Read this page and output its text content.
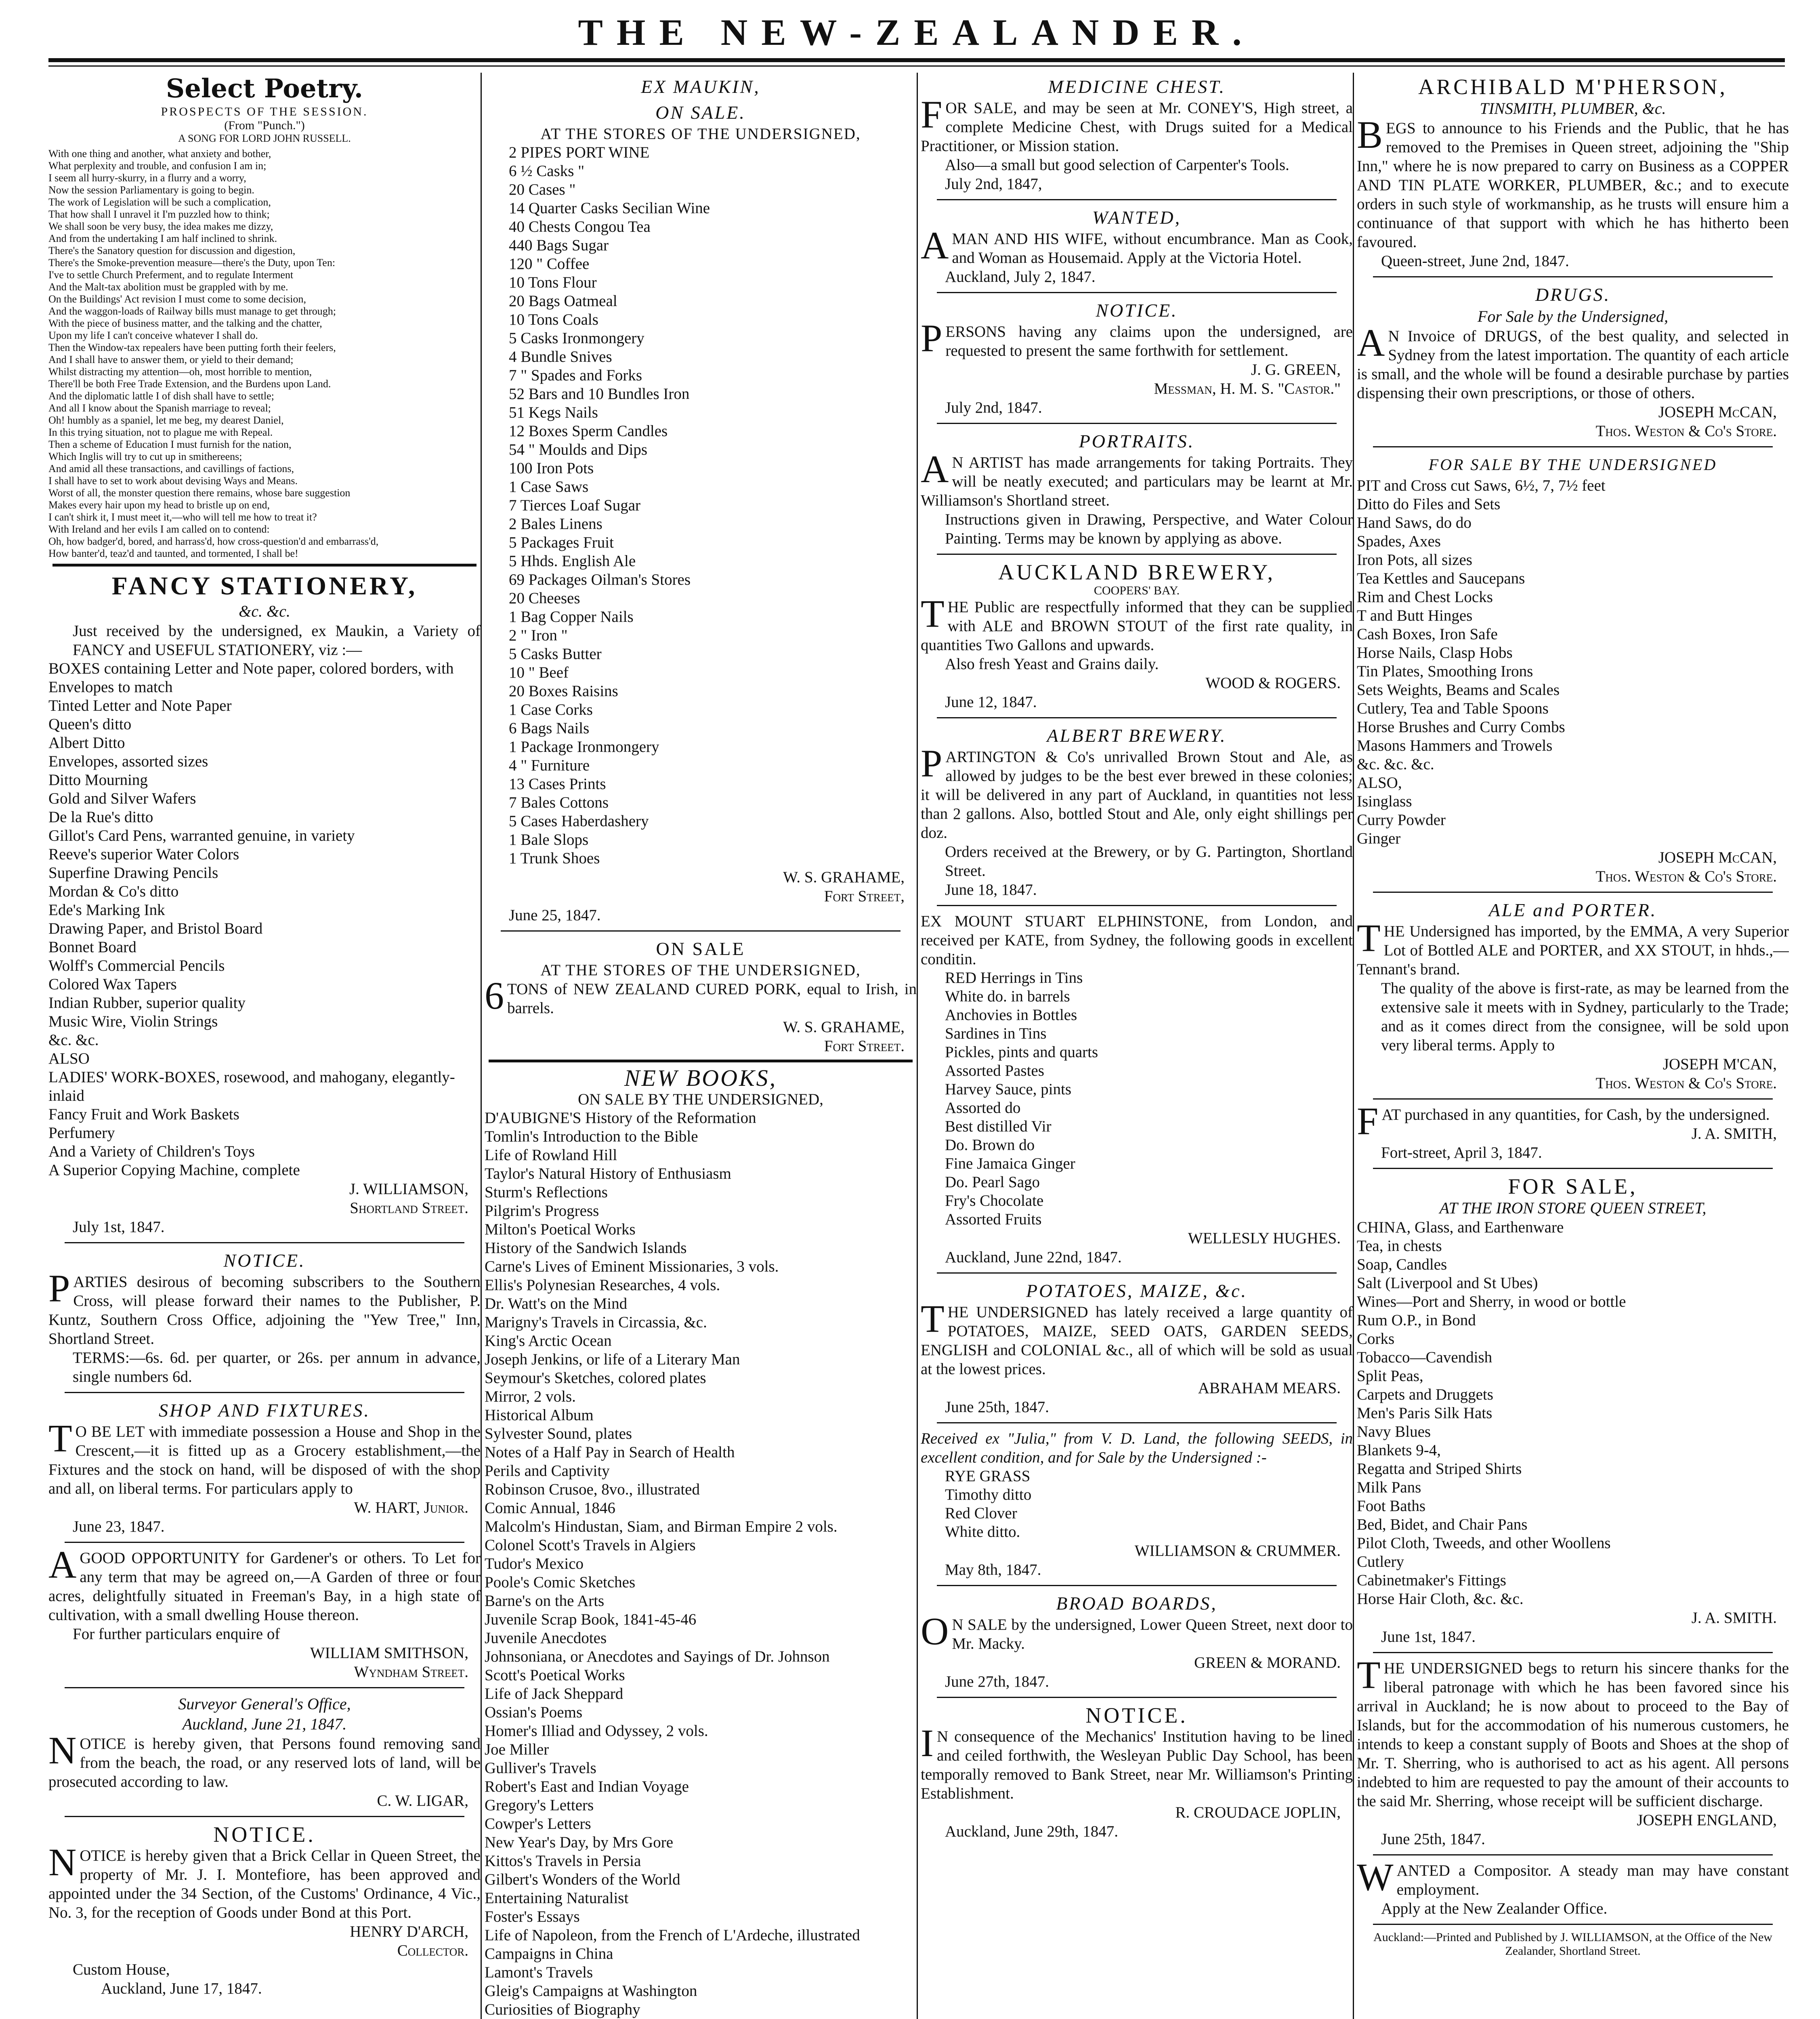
THE NEW-ZEALANDER.
Select Poetry.
PROSPECTS OF THE SESSION.
(From "Punch.")
A SONG FOR LORD JOHN RUSSELL.

With one thing and another, what anxiety and bother,

What perplexity and trouble, and confusion I am in;

I seem all hurry-skurry, in a flurry and a worry,

Now the session Parliamentary is going to begin.

The work of Legislation will be such a complication,

That how shall I unravel it I'm puzzled how to think;

We shall soon be very busy, the idea makes me dizzy,

And from the undertaking I am half inclined to shrink.

There's the Sanatory question for discussion and digestion,

There's the Smoke-prevention measure—there's the Duty, upon Ten:

I've to settle Church Preferment, and to regulate Interment

And the Malt-tax abolition must be grappled with by me.

On the Buildings' Act revision I must come to some decision,

And the waggon-loads of Railway bills must manage to get through;

With the piece of business matter, and the talking and the chatter,

Upon my life I can't conceive whatever I shall do.

Then the Window-tax repealers have been putting forth their feelers,

And I shall have to answer them, or yield to their demand;

Whilst distracting my attention—oh, most horrible to mention,

There'll be both Free Trade Extension, and the Burdens upon Land.

And the diplomatic lattle I of dish shall have to settle;

And all I know about the Spanish marriage to reveal;

Oh! humbly as a spaniel, let me beg, my dearest Daniel,

In this trying situation, not to plague me with Repeal.

Then a scheme of Education I must furnish for the nation,

Which Inglis will try to cut up in smithereens;

And amid all these transactions, and cavillings of factions,

I shall have to set to work about devising Ways and Means.

Worst of all, the monster question there remains, whose bare suggestion

Makes every hair upon my head to bristle up on end,

I can't shirk it, I must meet it,—who will tell me how to treat it?

With Ireland and her evils I am called on to contend:

Oh, how badger'd, bored, and harrass'd, how cross-question'd and embarrass'd,

How banter'd, teaz'd and taunted, and tormented, I shall be!

FANCY STATIONERY,
&c. &c.

Just received by the undersigned, ex Maukin, a Variety of FANCY and USEFUL STATIONERY, viz :—

BOXES containing Letter and Note paper, colored borders, with Envelopes to match

Tinted Letter and Note Paper

Queen's ditto

Albert Ditto

Envelopes, assorted sizes

Ditto Mourning

Gold and Silver Wafers

De la Rue's ditto

Gillot's Card Pens, warranted genuine, in variety

Reeve's superior Water Colors

Superfine Drawing Pencils

Mordan & Co's ditto

Ede's Marking Ink

Drawing Paper, and Bristol Board

Bonnet Board

Wolff's Commercial Pencils

Colored Wax Tapers

Indian Rubber, superior quality

Music Wire, Violin Strings

&c. &c.

ALSO

LADIES' WORK-BOXES, rosewood, and mahogany, elegantly-inlaid

Fancy Fruit and Work Baskets

Perfumery

And a Variety of Children's Toys

A Superior Copying Machine, complete

J. WILLIAMSON,
Shortland Street.
July 1st, 1847.
NOTICE.

PARTIES desirous of becoming subscribers to the Southern Cross, will please forward their names to the Publisher, P. Kuntz, Southern Cross Office, adjoining the "Yew Tree," Inn, Shortland Street.

TERMS:—6s. 6d. per quarter, or 26s. per annum in advance, single numbers 6d.

SHOP AND FIXTURES.

TO BE LET with immediate possession a House and Shop in the Crescent,—it is fitted up as a Grocery establishment,—the Fixtures and the stock on hand, will be disposed of with the shop and all, on liberal terms. For particulars apply to

W. HART, Junior.
June 23, 1847.

AGOOD OPPORTUNITY for Gardener's or others. To Let for any term that may be agreed on,—A Garden of three or four acres, delightfully situated in Freeman's Bay, in a high state of cultivation, with a small dwelling House thereon.

For further particulars enquire of

WILLIAM SMITHSON,
Wyndham Street.
Surveyor General's Office,
Auckland, June 21, 1847.

NOTICE is hereby given, that Persons found removing sand from the beach, the road, or any reserved lots of land, will be prosecuted according to law.

C. W. LIGAR,
NOTICE.

NOTICE is hereby given that a Brick Cellar in Queen Street, the property of Mr. J. I. Montefiore, has been approved and appointed under the 34 Section, of the Customs' Ordinance, 4 Vic., No. 3, for the reception of Goods under Bond at this Port.

HENRY D'ARCH,
Collector.
Custom House,
Auckland, June 17, 1847.
EX MAUKIN,
ON SALE.
AT THE STORES OF THE UNDERSIGNED,

2 PIPES PORT WINE

6 ½ Casks "

20 Cases "

14 Quarter Casks Secilian Wine

40 Chests Congou Tea

440 Bags Sugar

120 " Coffee

10 Tons Flour

20 Bags Oatmeal

10 Tons Coals

5 Casks Ironmongery

4 Bundle Snives

7 " Spades and Forks

52 Bars and 10 Bundles Iron

51 Kegs Nails

12 Boxes Sperm Candles

54 " Moulds and Dips

100 Iron Pots

1 Case Saws

7 Tierces Loaf Sugar

2 Bales Linens

5 Packages Fruit

5 Hhds. English Ale

69 Packages Oilman's Stores

20 Cheeses

1 Bag Copper Nails

2 " Iron "

5 Casks Butter

10 " Beef

20 Boxes Raisins

1 Case Corks

6 Bags Nails

1 Package Ironmongery

4 " Furniture

13 Cases Prints

7 Bales Cottons

5 Cases Haberdashery

1 Bale Slops

1 Trunk Shoes

W. S. GRAHAME,
Fort Street,
June 25, 1847.
ON SALE
AT THE STORES OF THE UNDERSIGNED,

6TONS of NEW ZEALAND CURED PORK, equal to Irish, in barrels.

W. S. GRAHAME,
Fort Street.
NEW BOOKS,
ON SALE BY THE UNDERSIGNED,

D'AUBIGNE'S History of the Reformation

Tomlin's Introduction to the Bible

Life of Rowland Hill

Taylor's Natural History of Enthusiasm

Sturm's Reflections

Pilgrim's Progress

Milton's Poetical Works

History of the Sandwich Islands

Carne's Lives of Eminent Missionaries, 3 vols.

Ellis's Polynesian Researches, 4 vols.

Dr. Watt's on the Mind

Marigny's Travels in Circassia, &c.

King's Arctic Ocean

Joseph Jenkins, or life of a Literary Man

Seymour's Sketches, colored plates

Mirror, 2 vols.

Historical Album

Sylvester Sound, plates

Notes of a Half Pay in Search of Health

Perils and Captivity

Robinson Crusoe, 8vo., illustrated

Comic Annual, 1846

Malcolm's Hindustan, Siam, and Birman Empire 2 vols.

Colonel Scott's Travels in Algiers

Tudor's Mexico

Poole's Comic Sketches

Barne's on the Arts

Juvenile Scrap Book, 1841-45-46

Juvenile Anecdotes

Johnsoniana, or Anecdotes and Sayings of Dr. Johnson

Scott's Poetical Works

Life of Jack Sheppard

Ossian's Poems

Homer's Illiad and Odyssey, 2 vols.

Joe Miller

Gulliver's Travels

Robert's East and Indian Voyage

Gregory's Letters

Cowper's Letters

New Year's Day, by Mrs Gore

Kittos's Travels in Persia

Gilbert's Wonders of the World

Entertaining Naturalist

Foster's Essays

Life of Napoleon, from the French of L'Ardeche, illustrated

Campaigns in China

Lamont's Travels

Gleig's Campaigns at Washington

Curiosities of Biography

MEDICINE CHEST.

FOR SALE, and may be seen at Mr. CONEY'S, High street, a complete Medicine Chest, with Drugs suited for a Medical Practitioner, or Mission station.

Also—a small but good selection of Carpenter's Tools.

July 2nd, 1847,
WANTED,

AMAN AND HIS WIFE, without encumbrance. Man as Cook, and Woman as Housemaid. Apply at the Victoria Hotel.

Auckland, July 2, 1847.
NOTICE.

PERSONS having any claims upon the undersigned, are requested to present the same forthwith for settlement.

J. G. GREEN,
Messman, H. M. S. "Castor."
July 2nd, 1847.
PORTRAITS.

AN ARTIST has made arrangements for taking Portraits. They will be neatly executed; and particulars may be learnt at Mr. Williamson's Shortland street.

Instructions given in Drawing, Perspective, and Water Colour Painting. Terms may be known by applying as above.

AUCKLAND BREWERY,
COOPERS' BAY.

THE Public are respectfully informed that they can be supplied with ALE and BROWN STOUT of the first rate quality, in quantities Two Gallons and upwards.

Also fresh Yeast and Grains daily.

WOOD & ROGERS.
June 12, 1847.
ALBERT BREWERY.

PARTINGTON & Co's unrivalled Brown Stout and Ale, as allowed by judges to be the best ever brewed in these colonies; it will be delivered in any part of Auckland, in quantities not less than 2 gallons. Also, bottled Stout and Ale, only eight shillings per doz.

Orders received at the Brewery, or by G. Partington, Shortland Street.

June 18, 1847.

EX MOUNT STUART ELPHINSTONE, from London, and received per KATE, from Sydney, the following goods in excellent conditin.

RED Herrings in Tins

White do. in barrels

Anchovies in Bottles

Sardines in Tins

Pickles, pints and quarts

Assorted Pastes

Harvey Sauce, pints

Assorted do

Best distilled Vir

Do. Brown do

Fine Jamaica Ginger

Do. Pearl Sago

Fry's Chocolate

Assorted Fruits

WELLESLY HUGHES.
Auckland, June 22nd, 1847.
POTATOES, MAIZE, &c.

THE UNDERSIGNED has lately received a large quantity of POTATOES, MAIZE, SEED OATS, GARDEN SEEDS, ENGLISH and COLONIAL &c., all of which will be sold as usual at the lowest prices.

ABRAHAM MEARS.
June 25th, 1847.

Received ex "Julia," from V. D. Land, the following SEEDS, in excellent condition, and for Sale by the Undersigned :-

RYE GRASS

Timothy ditto

Red Clover

White ditto.

WILLIAMSON & CRUMMER.
May 8th, 1847.
BROAD BOARDS,

ON SALE by the undersigned, Lower Queen Street, next door to Mr. Macky.

GREEN & MORAND.
June 27th, 1847.
NOTICE.

IN consequence of the Mechanics' Institution having to be lined and ceiled forthwith, the Wesleyan Public Day School, has been temporally removed to Bank Street, near Mr. Williamson's Printing Establishment.

R. CROUDACE JOPLIN,
Auckland, June 29th, 1847.
ARCHIBALD M'PHERSON,
TINSMITH, PLUMBER, &c.

BEGS to announce to his Friends and the Public, that he has removed to the Premises in Queen street, adjoining the "Ship Inn," where he is now prepared to carry on Business as a COPPER AND TIN PLATE WORKER, PLUMBER, &c.; and to execute orders in such style of workmanship, as he trusts will ensure him a continuance of that support with which he has hitherto been favoured.

Queen-street, June 2nd, 1847.
DRUGS.
For Sale by the Undersigned,

AN Invoice of DRUGS, of the best quality, and selected in Sydney from the latest importation. The quantity of each article is small, and the whole will be found a desirable purchase by parties dispensing their own prescriptions, or those of others.

JOSEPH McCAN,
Thos. Weston & Co's Store.
FOR SALE BY THE UNDERSIGNED

PIT and Cross cut Saws, 6½, 7, 7½ feet

Ditto do Files and Sets

Hand Saws, do do

Spades, Axes

Iron Pots, all sizes

Tea Kettles and Saucepans

Rim and Chest Locks

T and Butt Hinges

Cash Boxes, Iron Safe

Horse Nails, Clasp Hobs

Tin Plates, Smoothing Irons

Sets Weights, Beams and Scales

Cutlery, Tea and Table Spoons

Horse Brushes and Curry Combs

Masons Hammers and Trowels

&c. &c. &c.

ALSO,

Isinglass

Curry Powder

Ginger

JOSEPH McCAN,
Thos. Weston & Co's Store.
ALE and PORTER.

THE Undersigned has imported, by the EMMA, A very Superior Lot of Bottled ALE and PORTER, and XX STOUT, in hhds.,—Tennant's brand.

The quality of the above is first-rate, as may be learned from the extensive sale it meets with in Sydney, particularly to the Trade; and as it comes direct from the consignee, will be sold upon very liberal terms. Apply to

JOSEPH M'CAN,
Thos. Weston & Co's Store.

FAT purchased in any quantities, for Cash, by the undersigned.

J. A. SMITH,
Fort-street, April 3, 1847.
FOR SALE,
AT THE IRON STORE QUEEN STREET,

CHINA, Glass, and Earthenware

Tea, in chests

Soap, Candles

Salt (Liverpool and St Ubes)

Wines—Port and Sherry, in wood or bottle

Rum O.P., in Bond

Corks

Tobacco—Cavendish

Split Peas,

Carpets and Druggets

Men's Paris Silk Hats

Navy Blues

Blankets 9-4,

Regatta and Striped Shirts

Milk Pans

Foot Baths

Bed, Bidet, and Chair Pans

Pilot Cloth, Tweeds, and other Woollens

Cutlery

Cabinetmaker's Fittings

Horse Hair Cloth, &c. &c.

J. A. SMITH.
June 1st, 1847.

THE UNDERSIGNED begs to return his sincere thanks for the liberal patronage with which he has been favored since his arrival in Auckland; he is now about to proceed to the Bay of Islands, but for the accommodation of his numerous customers, he intends to keep a constant supply of Boots and Shoes at the shop of Mr. T. Sherring, who is authorised to act as his agent. All persons indebted to him are requested to pay the amount of their accounts to the said Mr. Sherring, whose receipt will be sufficient discharge.

JOSEPH ENGLAND,
June 25th, 1847.

WANTED a Compositor. A steady man may have constant employment.

Apply at the New Zealander Office.

Auckland:—Printed and Published by J. WILLIAMSON, at the Office of the New Zealander, Shortland Street.
